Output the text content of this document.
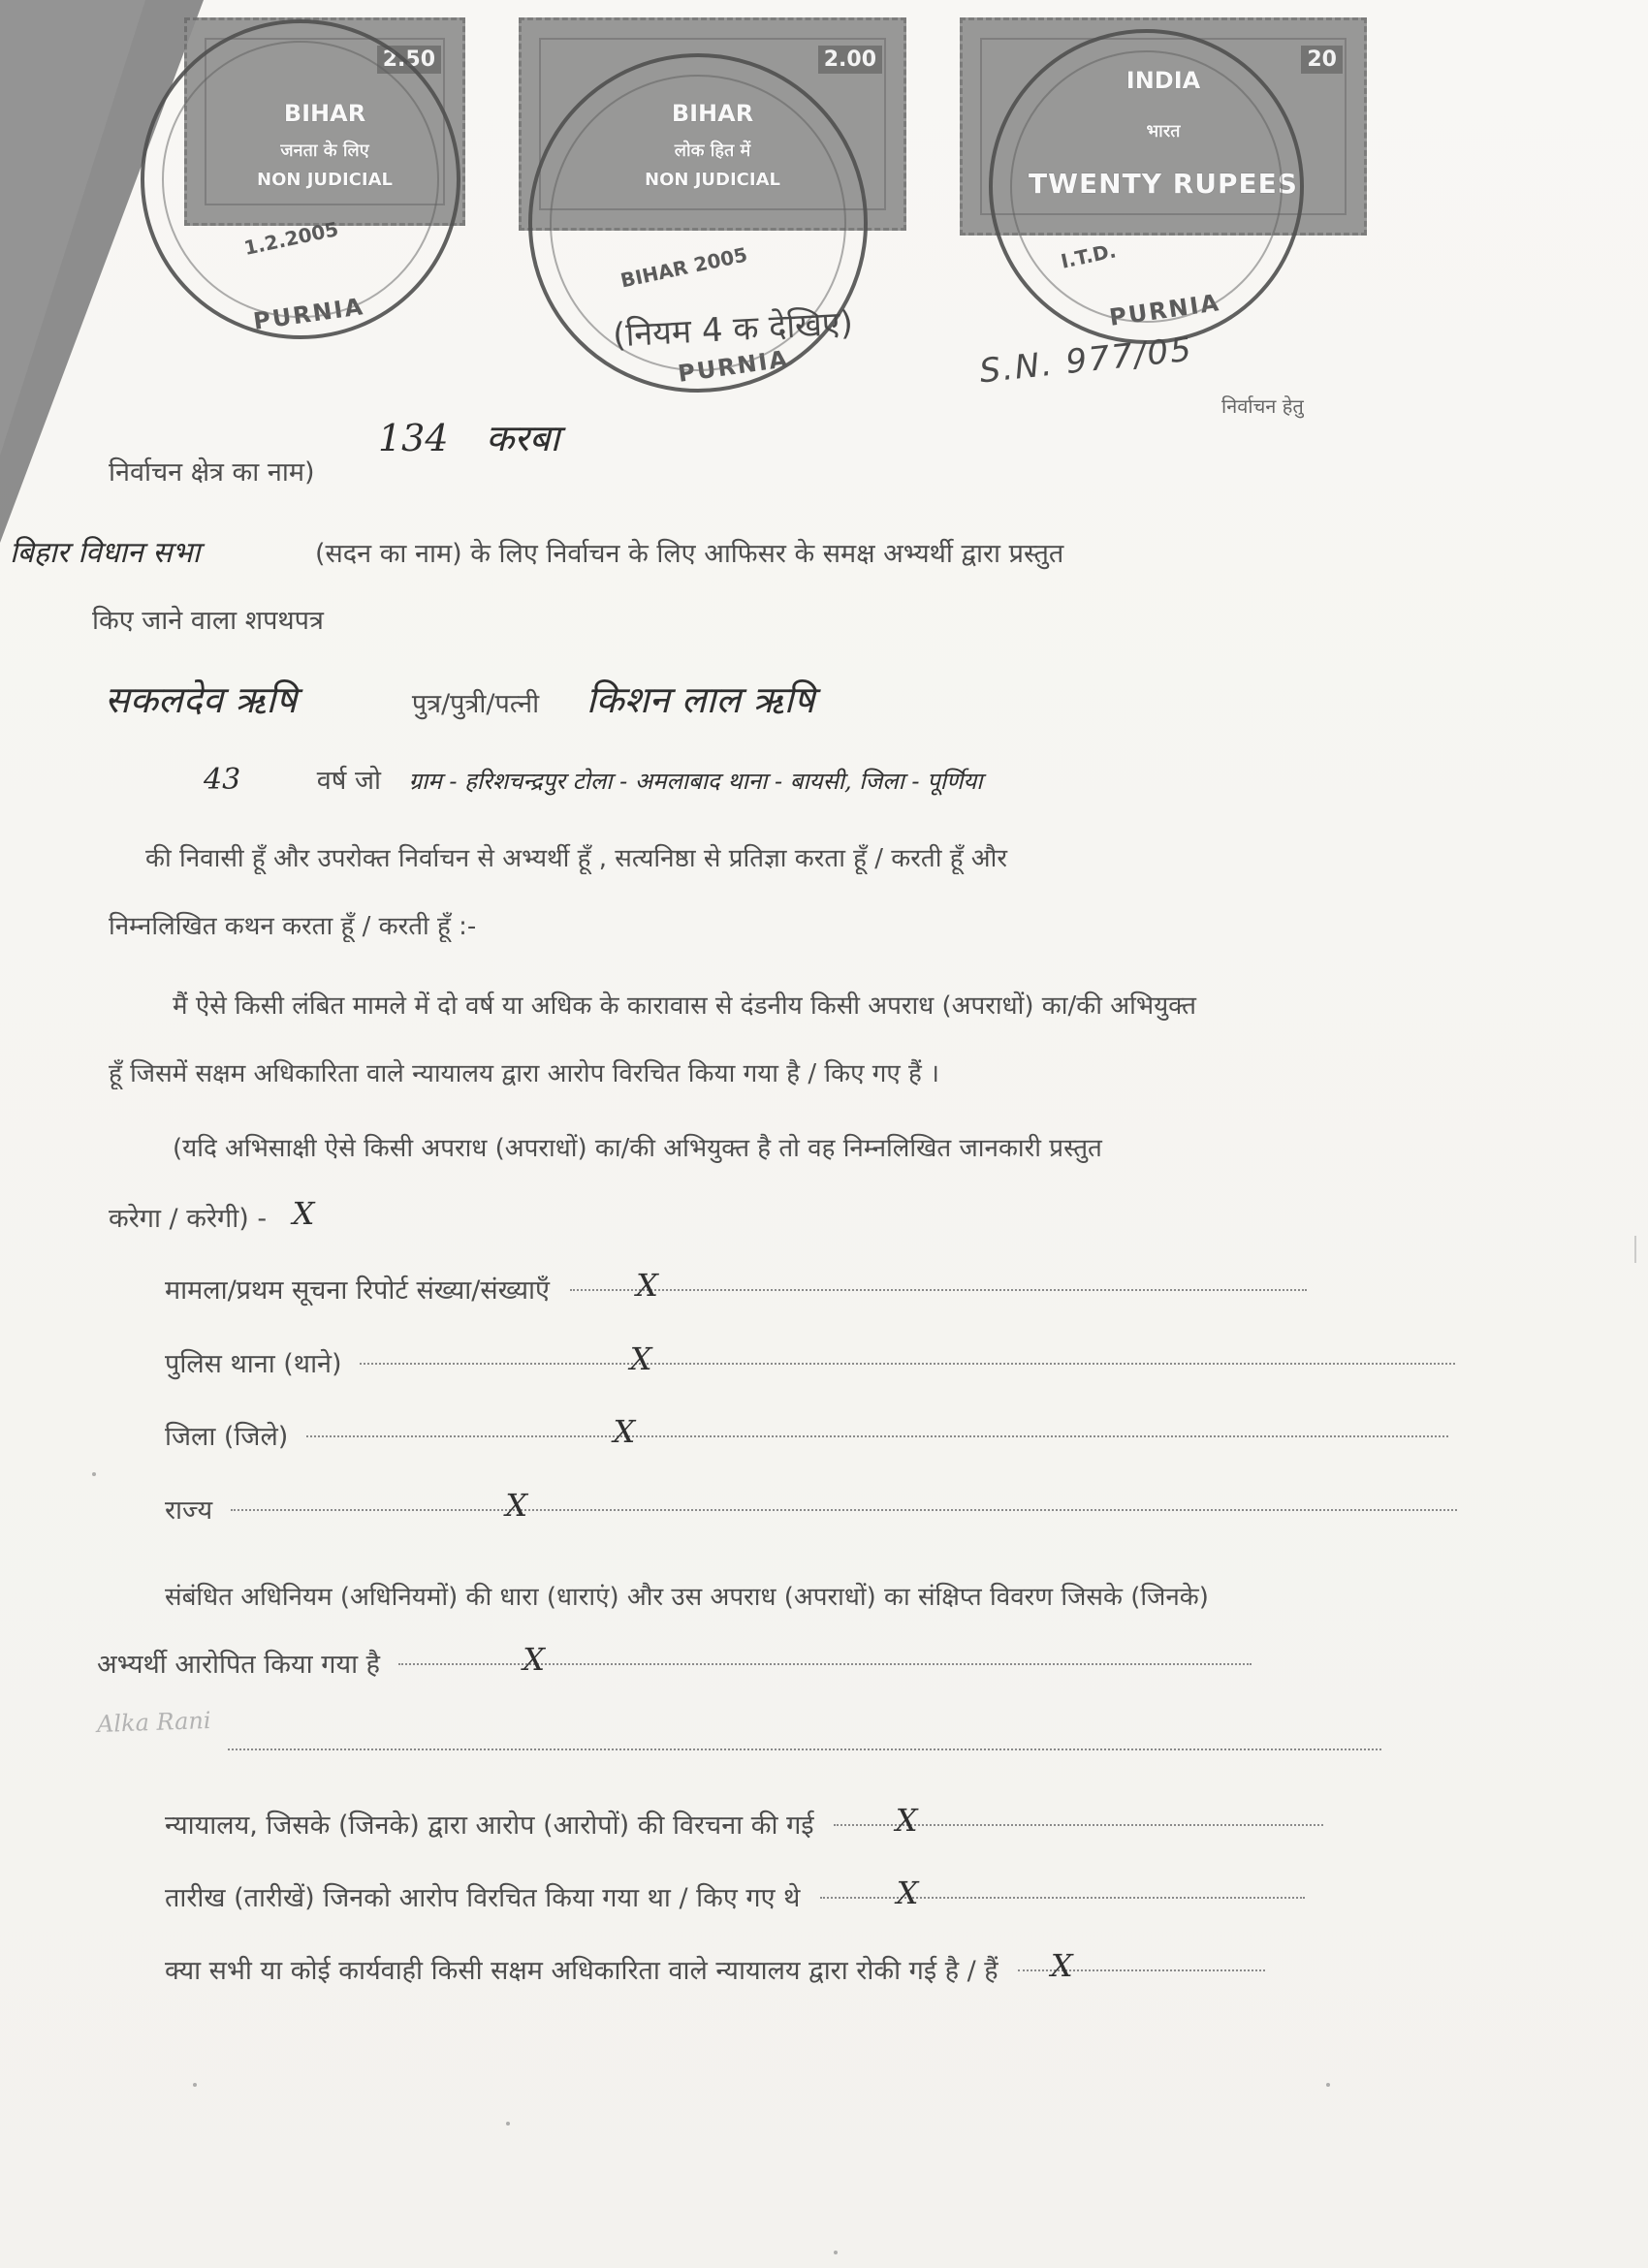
2.50
BIHAR
जनता के लिए
NON JUDICIAL
2.00
BIHAR
लोक हित में
NON JUDICIAL
20
INDIA
भारत
TWENTY RUPEES
PURNIA
1.2.2005
PURNIA
BIHAR 2005
PURNIA
I.T.D.
(नियम 4 क देखिए)
S.N. 977/05
निर्वाचन हेतु
134 करबा
निर्वाचन क्षेत्र का नाम)
बिहार विधान सभा	(सदन का नाम) के लिए निर्वाचन के लिए आफिसर के समक्ष अभ्यर्थी द्वारा प्रस्तुत
किए जाने वाला शपथपत्र
सकलदेव ऋषि	पुत्र/पुत्री/पत्नी किशन लाल ऋषि
43	वर्ष जो ग्राम - हरिशचन्द्रपुर टोला - अमलाबाद थाना - बायसी, जिला - पूर्णिया
की निवासी हूँ और उपरोक्त निर्वाचन से अभ्यर्थी हूँ , सत्यनिष्ठा से प्रतिज्ञा करता हूँ / करती हूँ और
निम्नलिखित कथन करता हूँ / करती हूँ :-
मैं ऐसे किसी लंबित मामले में दो वर्ष या अधिक के कारावास से दंडनीय किसी अपराध (अपराधों) का/की अभियुक्त
हूँ जिसमें सक्षम अधिकारिता वाले न्यायालय द्वारा आरोप विरचित किया गया है / किए गए हैं ।
(यदि अभिसाक्षी ऐसे किसी अपराध (अपराधों) का/की अभियुक्त है तो वह निम्नलिखित जानकारी प्रस्तुत
करेगा / करेगी) - X
मामला/प्रथम सूचना रिपोर्ट संख्या/संख्याएँ	X
पुलिस थाना (थाने)	X
जिला (जिले)	X
राज्य	X
संबंधित अधिनियम (अधिनियमों) की धारा (धाराएं) और उस अपराध (अपराधों) का संक्षिप्त विवरण जिसके (जिनके)
अभ्यर्थी आरोपित किया गया है	X
Alka Rani
न्यायालय, जिसके (जिनके) द्वारा आरोप (आरोपों) की विरचना की गई	X
तारीख (तारीखें) जिनको आरोप विरचित किया गया था / किए गए थे	X
क्या सभी या कोई कार्यवाही किसी सक्षम अधिकारिता वाले न्यायालय द्वारा रोकी गई है / हैं X
